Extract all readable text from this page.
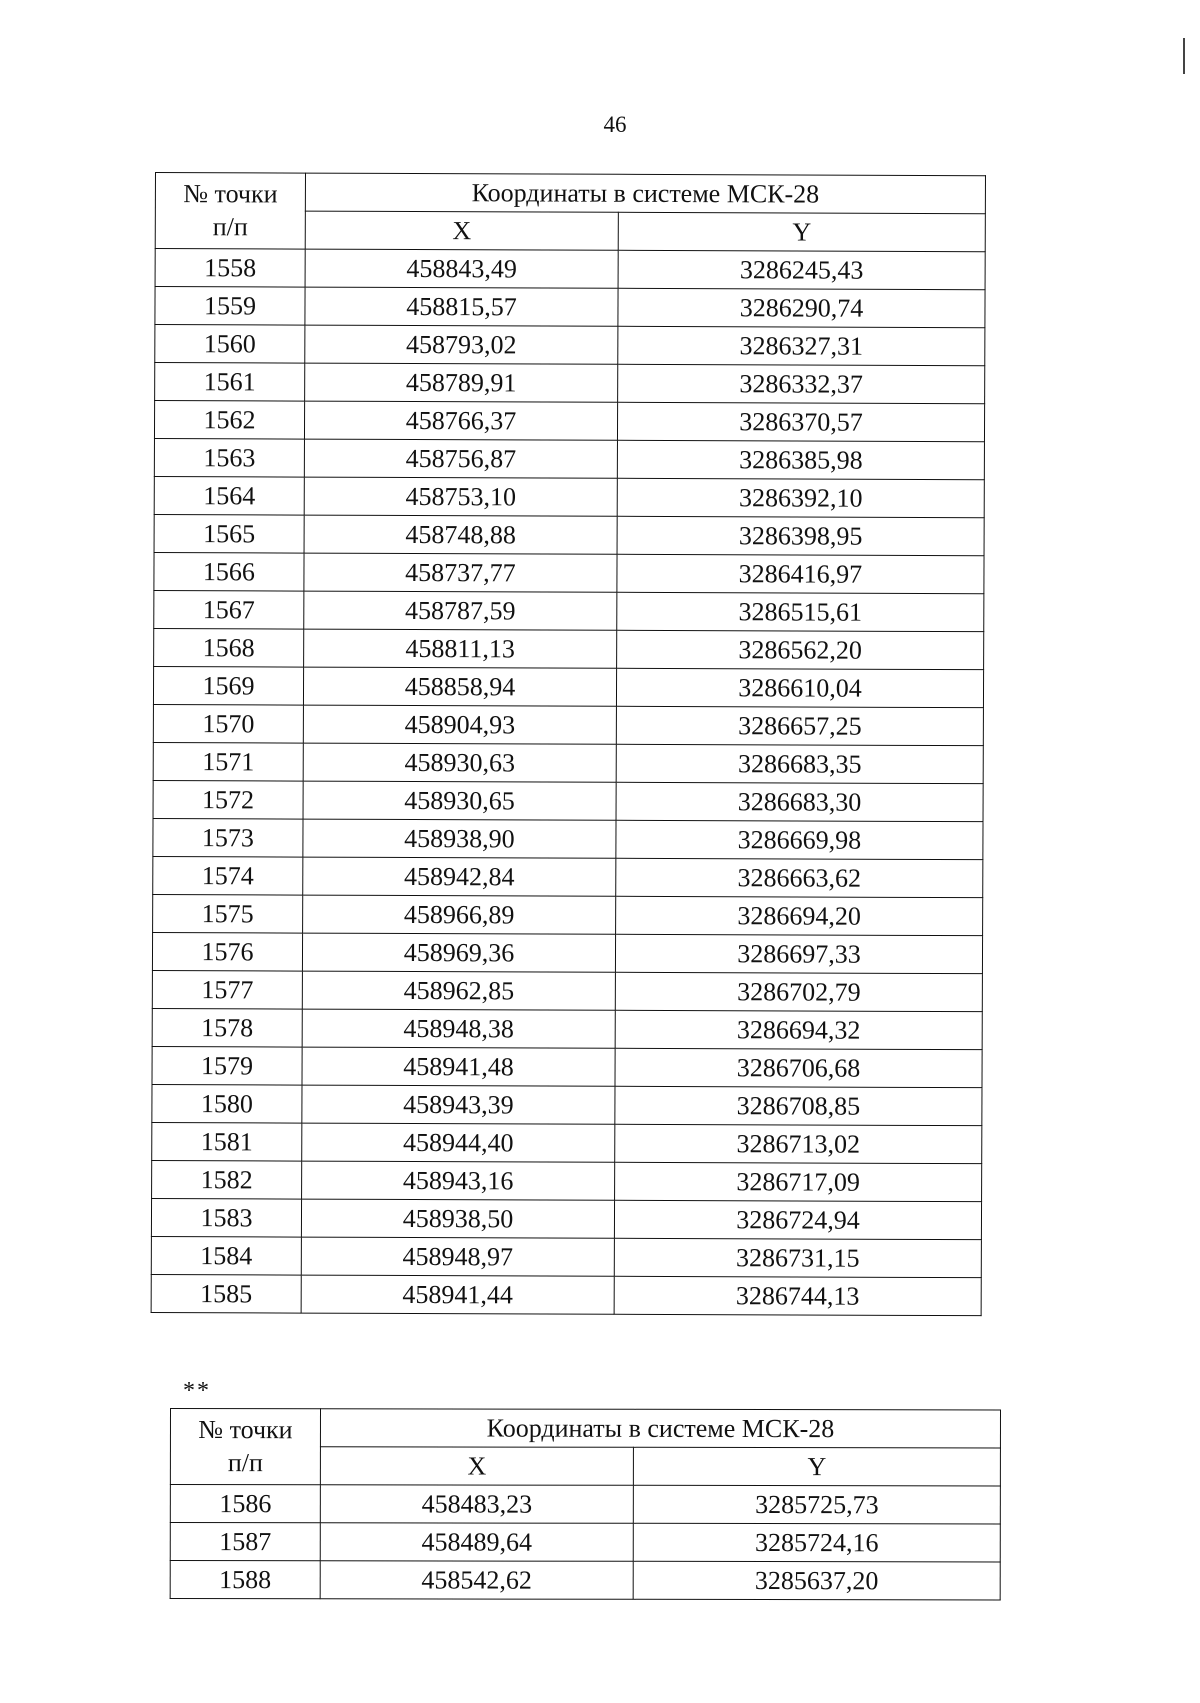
46
№ точки
п/п	Координаты в системе МСК-28	
	X	Y
1558	458843,49	3286245,43
1559	458815,57	3286290,74
1560	458793,02	3286327,31
1561	458789,91	3286332,37
1562	458766,37	3286370,57
1563	458756,87	3286385,98
1564	458753,10	3286392,10
1565	458748,88	3286398,95
1566	458737,77	3286416,97
1567	458787,59	3286515,61
1568	458811,13	3286562,20
1569	458858,94	3286610,04
1570	458904,93	3286657,25
1571	458930,63	3286683,35
1572	458930,65	3286683,30
1573	458938,90	3286669,98
1574	458942,84	3286663,62
1575	458966,89	3286694,20
1576	458969,36	3286697,33
1577	458962,85	3286702,79
1578	458948,38	3286694,32
1579	458941,48	3286706,68
1580	458943,39	3286708,85
1581	458944,40	3286713,02
1582	458943,16	3286717,09
1583	458938,50	3286724,94
1584	458948,97	3286731,15
1585	458941,44	3286744,13
**
№ точки
п/п	Координаты в системе МСК-28	
	X	Y
1586	458483,23	3285725,73
1587	458489,64	3285724,16
1588	458542,62	3285637,20
